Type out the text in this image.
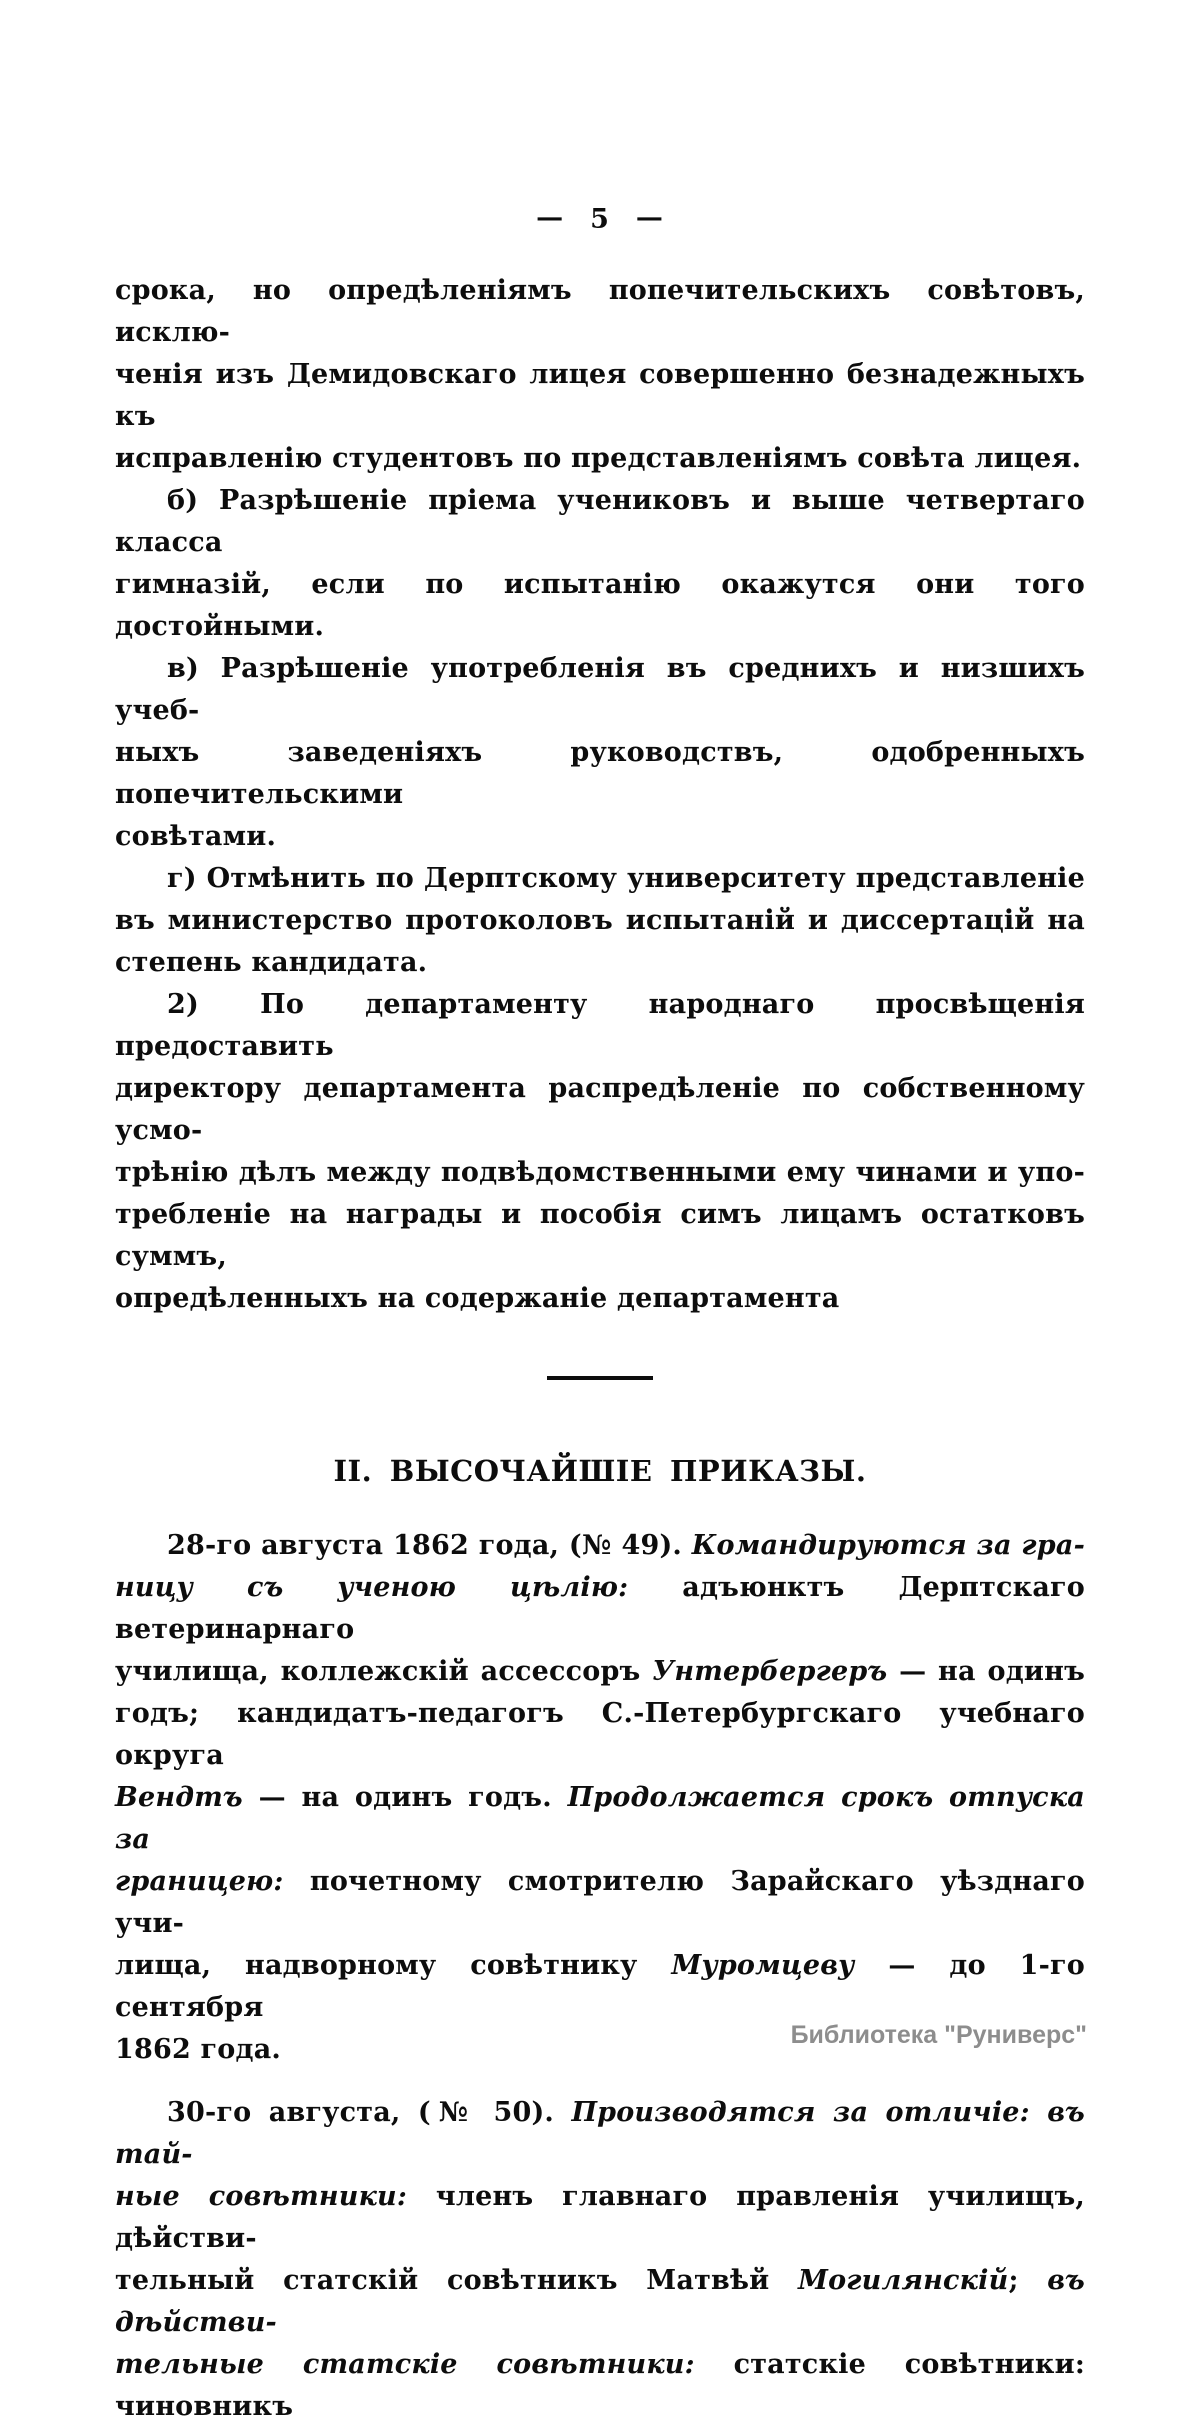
— 5 —
срока, но опредѣленіямъ попечительскихъ совѣтовъ, исклю-
ченія изъ Демидовскаго лицея совершенно безнадежныхъ къ
исправленію студентовъ по представленіямъ совѣта лицея.
б) Разрѣшеніе пріема учениковъ и выше четвертаго класса
гимназій, если по испытанію окажутся они того достойными.
в) Разрѣшеніе употребленія въ среднихъ и низшихъ учеб-
ныхъ заведеніяхъ руководствъ, одобренныхъ попечительскими
совѣтами.
г) Отмѣнить по Дерптскому университету представленіе
въ министерство протоколовъ испытаній и диссертацій на
степень кандидата.
2) По департаменту народнаго просвѣщенія предоставить
директору департамента распредѣленіе по собственному усмо-
трѣнію дѣлъ между подвѣдомственными ему чинами и упо-
требленіе на награды и пособія симъ лицамъ остатковъ суммъ,
опредѣленныхъ на содержаніе департамента
II. ВЫСОЧАЙШІЕ ПРИКАЗЫ.
28-го августа 1862 года, (№ 49). Командируются за гра-
ницу съ ученою цѣлію: адъюнктъ Дерптскаго ветеринарнаго
училища, коллежскій ассессоръ Унтербергеръ — на одинъ
годъ; кандидатъ-педагогъ С.-Петербургскаго учебнаго округа
Вендтъ — на одинъ годъ. Продолжается срокъ отпуска за
границею: почетному смотрителю Зарайскаго уѣзднаго учи-
лища, надворному совѣтнику Муромцеву — до 1-го сентября
1862 года.
30-го августа, (№ 50). Производятся за отличіе: въ тай-
ные совѣтники: членъ главнаго правленія училищъ, дѣйстви-
тельный статскій совѣтникъ Матвѣй Могилянскій; въ дѣйстви-
тельные статскіе совѣтники: статскіе совѣтники: чиновникъ
Библиотека "Руниверс"
